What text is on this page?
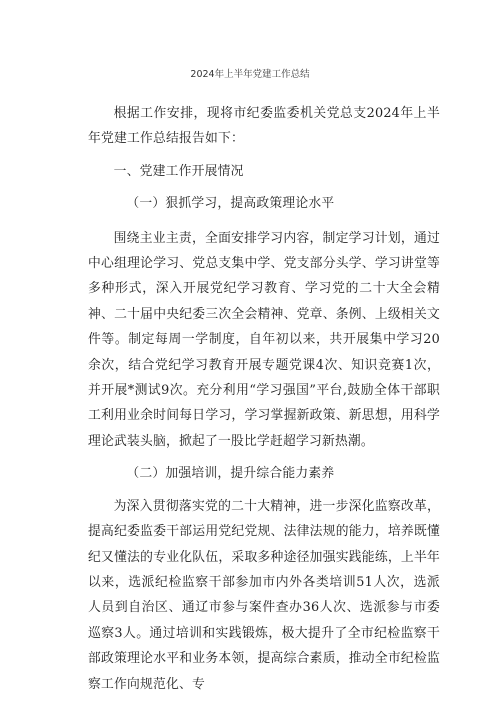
2024年上半年党建工作总结

根据工作安排，现将市纪委监委机关党总支2024年上半年党建工作总结报告如下：

一、党建工作开展情况

（一）狠抓学习，提高政策理论水平

围绕主业主责，全面安排学习内容，制定学习计划，通过中心组理论学习、党总支集中学、党支部分头学、学习讲堂等多种形式，深入开展党纪学习教育、学习党的二十大全会精神、二十届中央纪委三次全会精神、党章、条例、上级相关文件等。制定每周一学制度，自年初以来，共开展集中学习20余次，结合党纪学习教育开展专题党课4次、知识竞赛1次，并开展*测试9次。充分利用“学习强国”平台,鼓励全体干部职工利用业余时间每日学习，学习掌握新政策、新思想，用科学理论武装头脑，掀起了一股比学赶超学习新热潮。

（二）加强培训，提升综合能力素养

为深入贯彻落实党的二十大精神，进一步深化监察改革，提高纪委监委干部运用党纪党规、法律法规的能力，培养既懂纪又懂法的专业化队伍，采取多种途径加强实践能练，上半年以来，选派纪检监察干部参加市内外各类培训51人次，选派人员到自治区、通辽市参与案件查办36人次、选派参与市委巡察3人。通过培训和实践锻炼，极大提升了全市纪检监察干部政策理论水平和业务本领，提高综合素质，推动全市纪检监察工作向规范化、专
